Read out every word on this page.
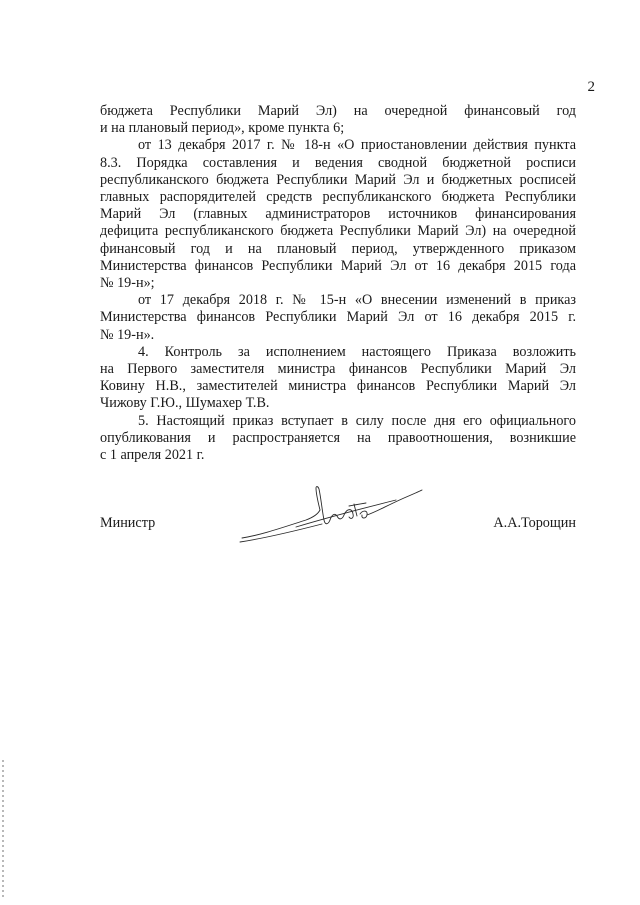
2
бюджета Республики Марий Эл) на очередной финансовый год
и на плановый период», кроме пункта 6;
от 13 декабря 2017 г. № 18-н «О приостановлении действия пункта
8.3. Порядка составления и ведения сводной бюджетной росписи
республиканского бюджета Республики Марий Эл и бюджетных росписей
главных распорядителей средств республиканского бюджета Республики
Марий Эл (главных администраторов источников финансирования
дефицита республиканского бюджета Республики Марий Эл) на очередной
финансовый год и на плановый период, утвержденного приказом
Министерства финансов Республики Марий Эл от 16 декабря 2015 года
№ 19-н»;
от 17 декабря 2018 г. № 15-н «О внесении изменений в приказ
Министерства финансов Республики Марий Эл от 16 декабря 2015 г.
№ 19-н».
4. Контроль за исполнением настоящего Приказа возложить
на Первого заместителя министра финансов Республики Марий Эл
Ковину Н.В., заместителей министра финансов Республики Марий Эл
Чижову Г.Ю., Шумахер Т.В.
5. Настоящий приказ вступает в силу после дня его официального
опубликования и распространяется на правоотношения, возникшие
с 1 апреля 2021 г.
Министр	А.А.Торощин
